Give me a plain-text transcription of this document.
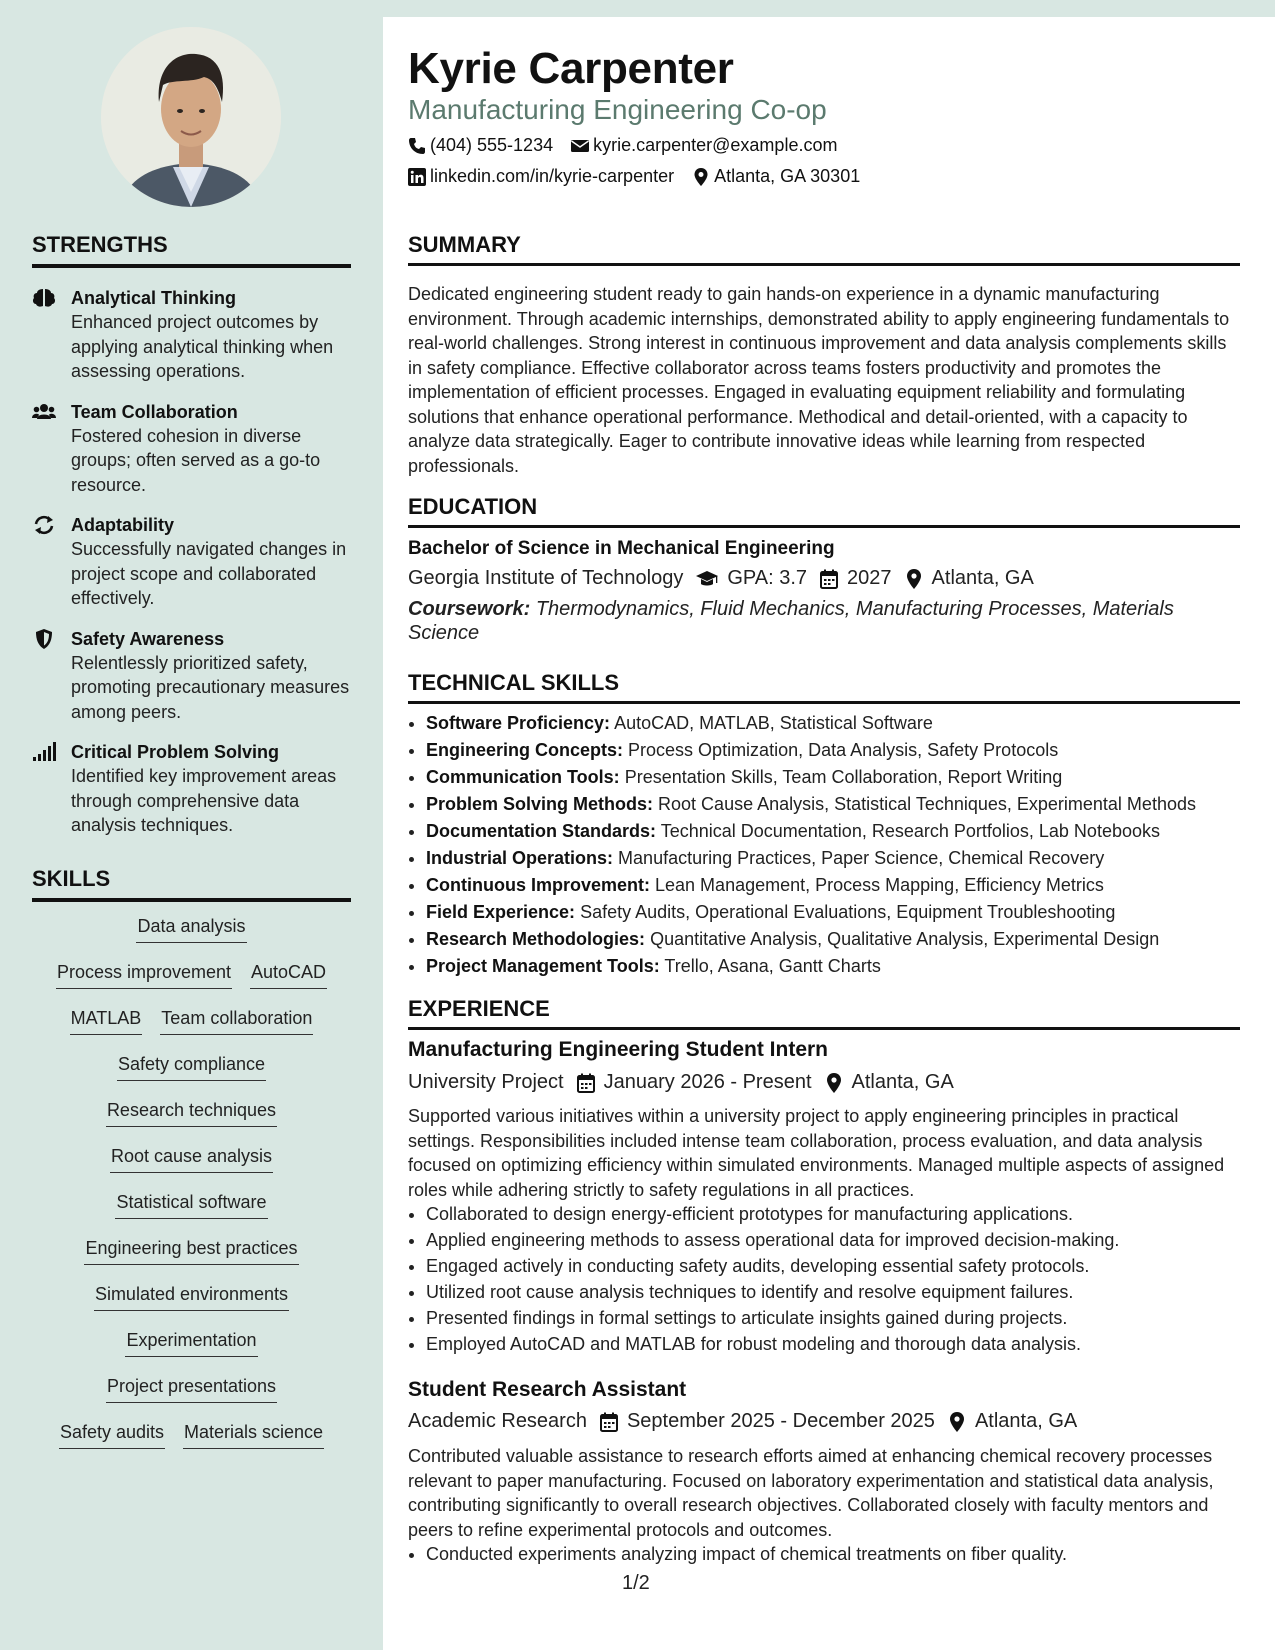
STRENGTHS
Analytical Thinking
Enhanced project outcomes by applying analytical thinking when assessing operations.
Team Collaboration
Fostered cohesion in diverse groups; often served as a go-to resource.
Adaptability
Successfully navigated changes in project scope and collaborated effectively.
Safety Awareness
Relentlessly prioritized safety, promoting precautionary measures among peers.
Critical Problem Solving
Identified key improvement areas through comprehensive data analysis techniques.
SKILLS
Data analysis
Process improvement AutoCAD
MATLAB Team collaboration
Safety compliance
Research techniques
Root cause analysis
Statistical software
Engineering best practices
Simulated environments
Experimentation
Project presentations
Safety audits Materials science
Kyrie Carpenter
Manufacturing Engineering Co-op
(404) 555-1234 kyrie.carpenter@example.com
linkedin.com/in/kyrie-carpenter Atlanta, GA 30301
SUMMARY
Dedicated engineering student ready to gain hands-on experience in a dynamic manufacturing environment. Through academic internships, demonstrated ability to apply engineering fundamentals to real-world challenges. Strong interest in continuous improvement and data analysis complements skills in safety compliance. Effective collaborator across teams fosters productivity and promotes the implementation of efficient processes. Engaged in evaluating equipment reliability and formulating solutions that enhance operational performance. Methodical and detail-oriented, with a capacity to analyze data strategically. Eager to contribute innovative ideas while learning from respected professionals.
EDUCATION
Bachelor of Science in Mechanical Engineering
Georgia Institute of Technology GPA: 3.7 2027 Atlanta, GA
Coursework: Thermodynamics, Fluid Mechanics, Manufacturing Processes, Materials Science
TECHNICAL SKILLS
• Software Proficiency: AutoCAD, MATLAB, Statistical Software
• Engineering Concepts: Process Optimization, Data Analysis, Safety Protocols
• Communication Tools: Presentation Skills, Team Collaboration, Report Writing
• Problem Solving Methods: Root Cause Analysis, Statistical Techniques, Experimental Methods
• Documentation Standards: Technical Documentation, Research Portfolios, Lab Notebooks
• Industrial Operations: Manufacturing Practices, Paper Science, Chemical Recovery
• Continuous Improvement: Lean Management, Process Mapping, Efficiency Metrics
• Field Experience: Safety Audits, Operational Evaluations, Equipment Troubleshooting
• Research Methodologies: Quantitative Analysis, Qualitative Analysis, Experimental Design
• Project Management Tools: Trello, Asana, Gantt Charts
EXPERIENCE
Manufacturing Engineering Student Intern
University Project January 2026 - Present Atlanta, GA
Supported various initiatives within a university project to apply engineering principles in practical settings. Responsibilities included intense team collaboration, process evaluation, and data analysis focused on optimizing efficiency within simulated environments. Managed multiple aspects of assigned roles while adhering strictly to safety regulations in all practices.
• Collaborated to design energy-efficient prototypes for manufacturing applications.
• Applied engineering methods to assess operational data for improved decision-making.
• Engaged actively in conducting safety audits, developing essential safety protocols.
• Utilized root cause analysis techniques to identify and resolve equipment failures.
• Presented findings in formal settings to articulate insights gained during projects.
• Employed AutoCAD and MATLAB for robust modeling and thorough data analysis.
Student Research Assistant
Academic Research September 2025 - December 2025 Atlanta, GA
Contributed valuable assistance to research efforts aimed at enhancing chemical recovery processes relevant to paper manufacturing. Focused on laboratory experimentation and statistical data analysis, contributing significantly to overall research objectives. Collaborated closely with faculty mentors and peers to refine experimental protocols and outcomes.
• Conducted experiments analyzing impact of chemical treatments on fiber quality.
1/2
